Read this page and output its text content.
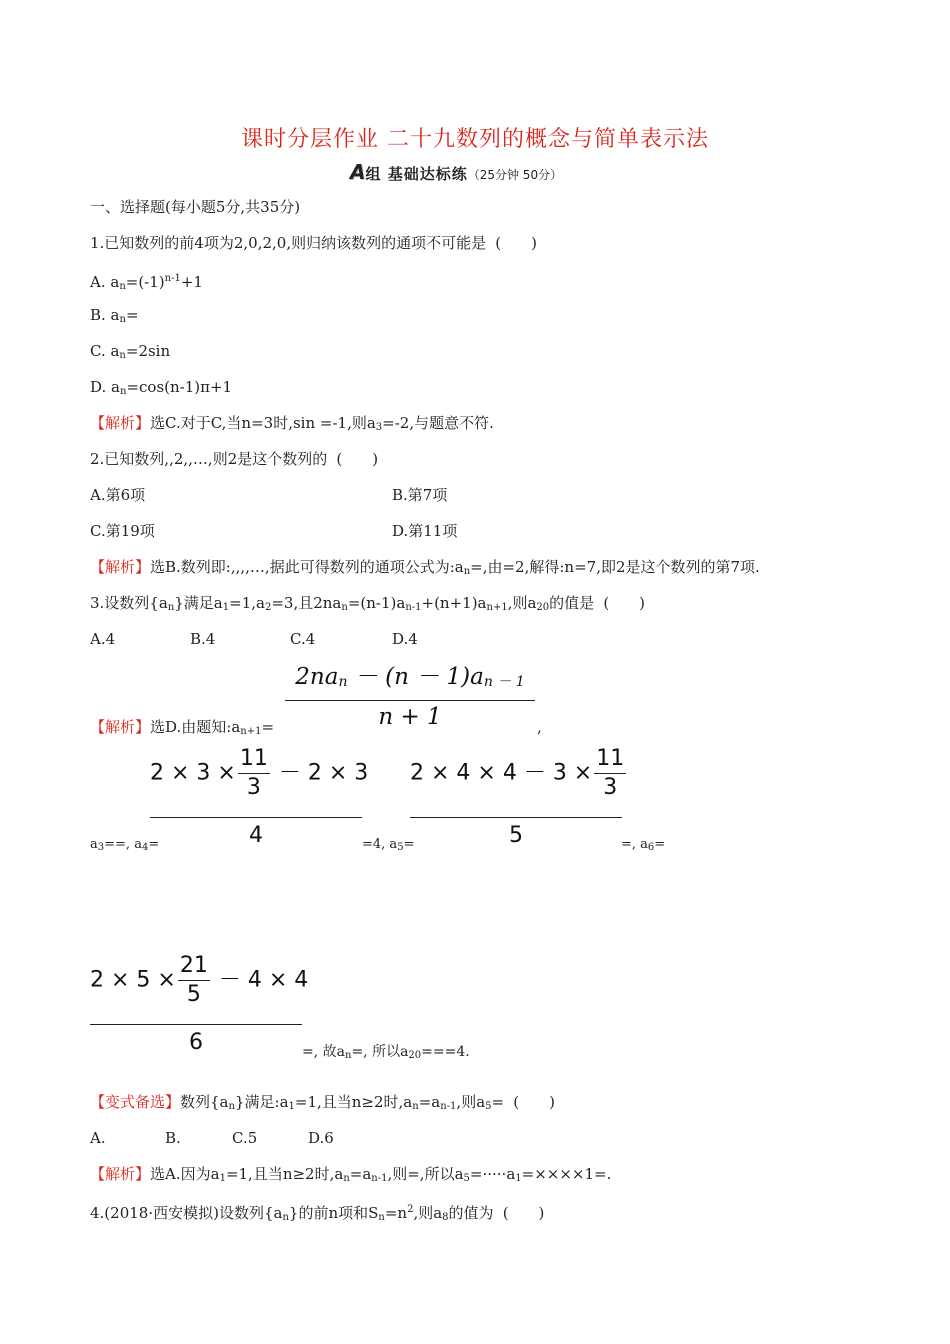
课时分层作业 二十九数列的概念与简单表示法
A组 基础达标练（25分钟 50分）
一、选择题(每小题5分,共35分)
1.已知数列的前4项为2,0,2,0,则归纳该数列的通项不可能是 (　　)
A. $a_n=(-1)^{n-1}+1$
B. $a_n=$
C. $a_n=2\sin$
D. $a_n=\cos(n-1)\pi+1$
【解析】选C.对于C,当n=3时,sin =-1,则$a_3=-2$,与题意不符.
2.已知数列,,2,,…,则2是这个数列的 (　　)
A.第6项	B.第7项
C.第19项	D.第11项
【解析】选B.数列即:,,,,…,据此可得数列的通项公式为$:a_n=$,由=2,解得:n=7,即2是这个数列的第7项.
3.设数列$\{a_n\}$满足$a_1=1,a_2=3$,且$2na_n=(n-1)a_{n-1}+(n+1)a_{n+1}$,则$a_{20}$的值是 (　　)
A.4	B.4	C.4	D.4
2nan － (n － 1)an － 1
n + 1
【解析】选D.由题知$:a_{n+1}=$	,
$2 \times 3 \times \frac{11}{3} - 2 \times 3$
4
$2 \times 4 \times 4 - 3 \times \frac{11}{3}$
5
$a_3==$, $a_4=$	=4, $a_5=$	=, $a_6=$
$2 \times 5 \times \frac{21}{5} - 4 \times 4$
6	=, 故$a_n=$, 所以$a_{20}===4$.
【变式备选】数列$\{a_n\}$满足$:a_1=1$,且当n≥2时$,a_n=a_{n-1}$,则$a_5=$ (　　)
A.	B.	C.5	D.6
【解析】选A.因为$a_1=1$,且当n≥2时$,a_n=a_{n-1}$,则=,所以$a_5=\cdot\cdot\cdot\cdot\cdot a_1=\times\times\times\times 1=$.
4.(2018·西安模拟)设数列$\{a_n\}$的前n项和$S_n=n^2$,则$a_8$的值为 (　　)
